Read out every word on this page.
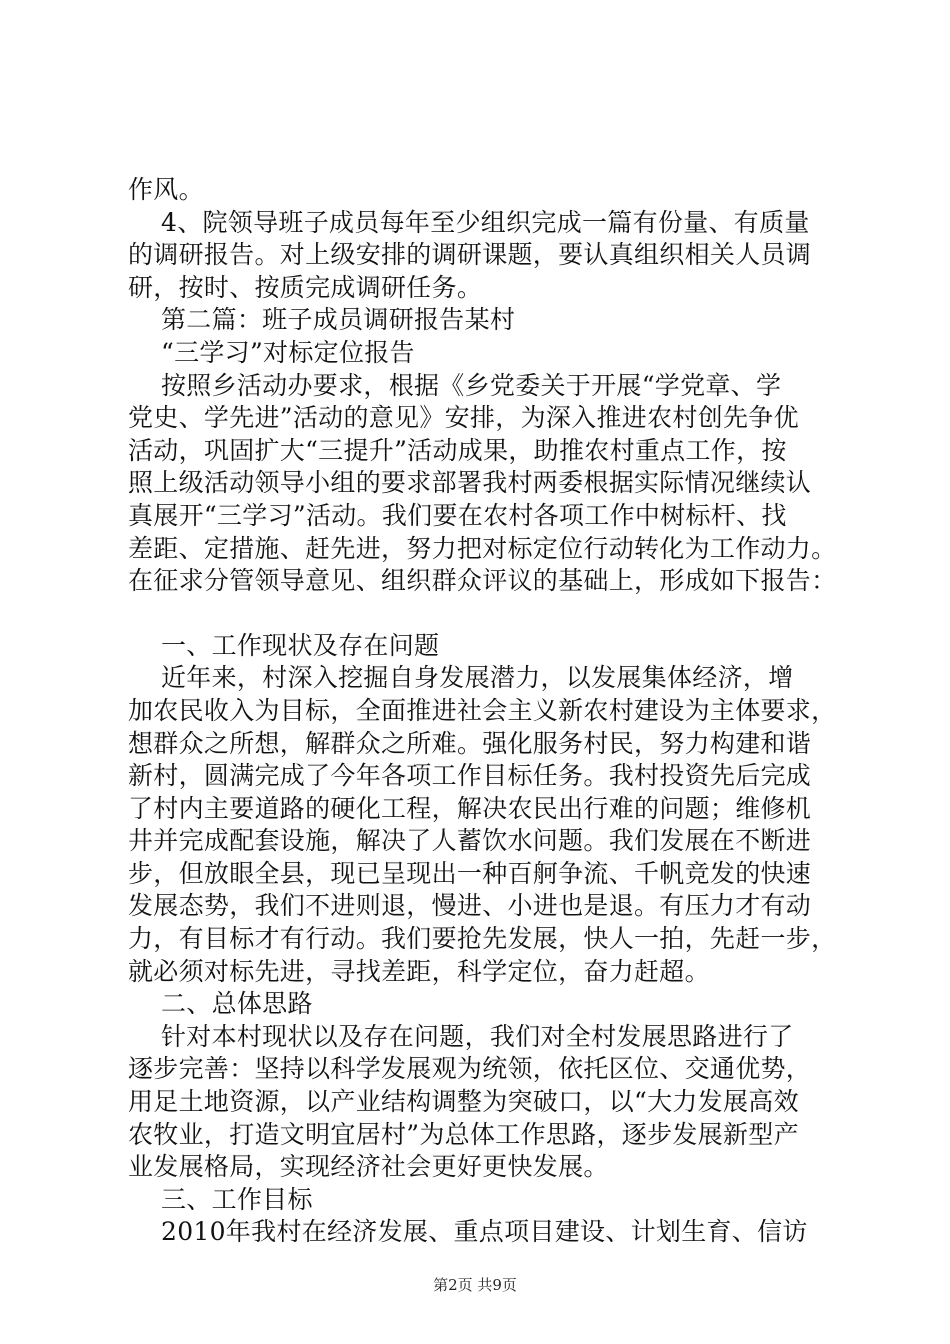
作风。
4、院领导班子成员每年至少组织完成一篇有份量、有质量
的调研报告。对上级安排的调研课题，要认真组织相关人员调
研，按时、按质完成调研任务。
第二篇：班子成员调研报告某村
“三学习”对标定位报告
按照乡活动办要求，根据《乡党委关于开展“学党章、学
党史、学先进”活动的意见》安排，为深入推进农村创先争优
活动，巩固扩大“三提升”活动成果，助推农村重点工作，按
照上级活动领导小组的要求部署我村两委根据实际情况继续认
真展开“三学习”活动。我们要在农村各项工作中树标杆、找
差距、定措施、赶先进，努力把对标定位行动转化为工作动力。
在征求分管领导意见、组织群众评议的基础上，形成如下报告：
一、工作现状及存在问题
近年来，村深入挖掘自身发展潜力，以发展集体经济，增
加农民收入为目标，全面推进社会主义新农村建设为主体要求，
想群众之所想，解群众之所难。强化服务村民，努力构建和谐
新村，圆满完成了今年各项工作目标任务。我村投资先后完成
了村内主要道路的硬化工程，解决农民出行难的问题；维修机
井并完成配套设施，解决了人蓄饮水问题。我们发展在不断进
步，但放眼全县，现已呈现出一种百舸争流、千帆竞发的快速
发展态势，我们不进则退，慢进、小进也是退。有压力才有动
力，有目标才有行动。我们要抢先发展，快人一拍，先赶一步，
就必须对标先进，寻找差距，科学定位，奋力赶超。
二、总体思路
针对本村现状以及存在问题，我们对全村发展思路进行了
逐步完善：坚持以科学发展观为统领，依托区位、交通优势，
用足土地资源，以产业结构调整为突破口，以“大力发展高效
农牧业，打造文明宜居村”为总体工作思路，逐步发展新型产
业发展格局，实现经济社会更好更快发展。
三、工作目标
2010年我村在经济发展、重点项目建设、计划生育、信访
第2页 共9页
